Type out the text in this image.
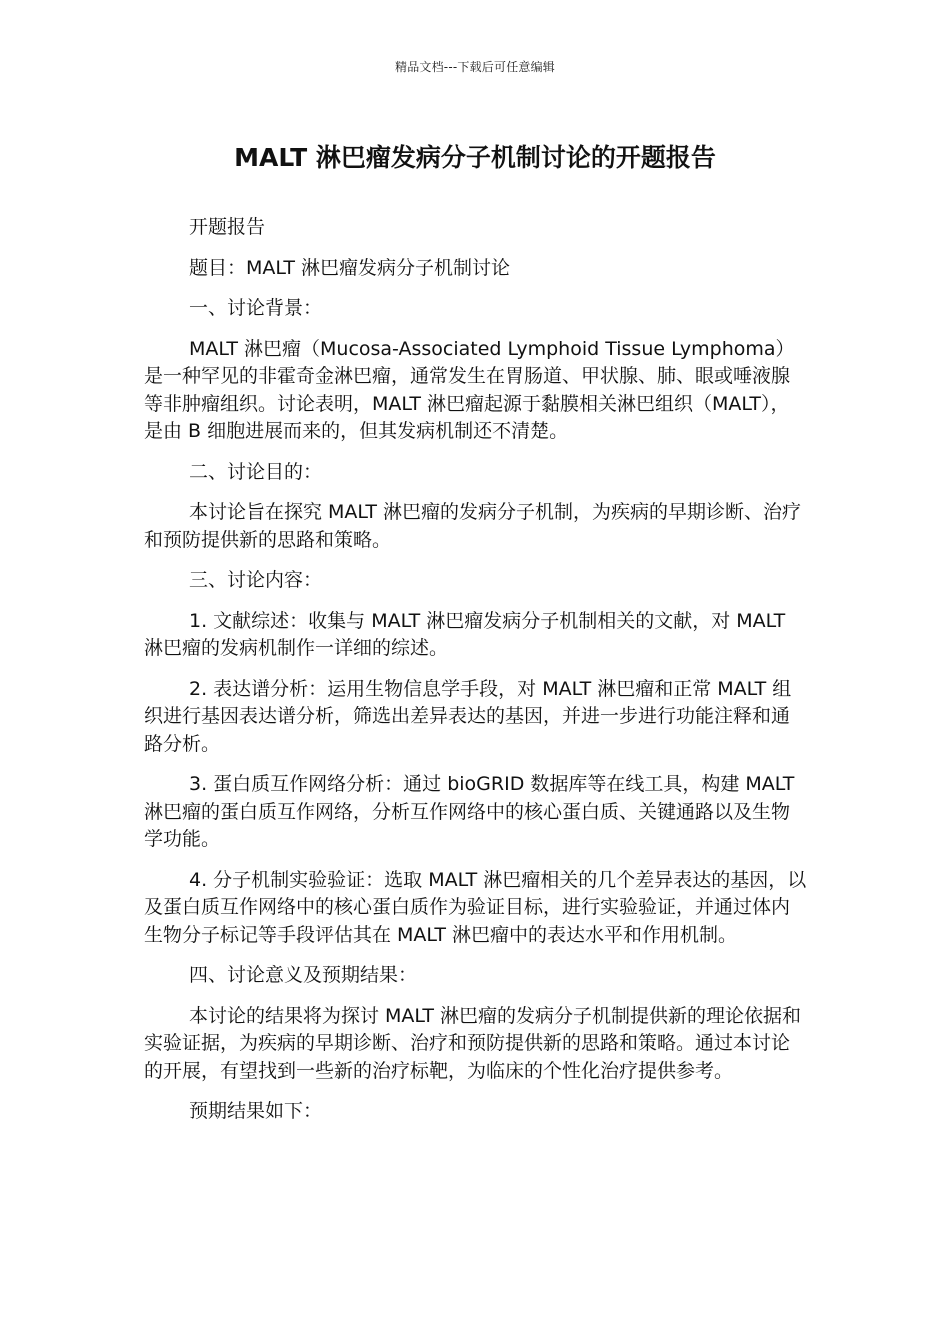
精品文档---下载后可任意编辑
MALT 淋巴瘤发病分子机制讨论的开题报告

开题报告

题目：MALT 淋巴瘤发病分子机制讨论

一、讨论背景：

MALT 淋巴瘤（Mucosa-Associated Lymphoid Tissue Lymphoma）是一种罕见的非霍奇金淋巴瘤，通常发生在胃肠道、甲状腺、肺、眼或唾液腺等非肿瘤组织。讨论表明，MALT 淋巴瘤起源于黏膜相关淋巴组织（MALT），是由 B 细胞进展而来的，但其发病机制还不清楚。

二、讨论目的：

本讨论旨在探究 MALT 淋巴瘤的发病分子机制，为疾病的早期诊断、治疗和预防提供新的思路和策略。

三、讨论内容：

1. 文献综述：收集与 MALT 淋巴瘤发病分子机制相关的文献，对 MALT 淋巴瘤的发病机制作一详细的综述。

2. 表达谱分析：运用生物信息学手段，对 MALT 淋巴瘤和正常 MALT 组织进行基因表达谱分析，筛选出差异表达的基因，并进一步进行功能注释和通路分析。

3. 蛋白质互作网络分析：通过 bioGRID 数据库等在线工具，构建 MALT 淋巴瘤的蛋白质互作网络，分析互作网络中的核心蛋白质、关键通路以及生物学功能。

4. 分子机制实验验证：选取 MALT 淋巴瘤相关的几个差异表达的基因，以及蛋白质互作网络中的核心蛋白质作为验证目标，进行实验验证，并通过体内生物分子标记等手段评估其在 MALT 淋巴瘤中的表达水平和作用机制。

四、讨论意义及预期结果：

本讨论的结果将为探讨 MALT 淋巴瘤的发病分子机制提供新的理论依据和实验证据，为疾病的早期诊断、治疗和预防提供新的思路和策略。通过本讨论的开展，有望找到一些新的治疗标靶，为临床的个性化治疗提供参考。

预期结果如下：
